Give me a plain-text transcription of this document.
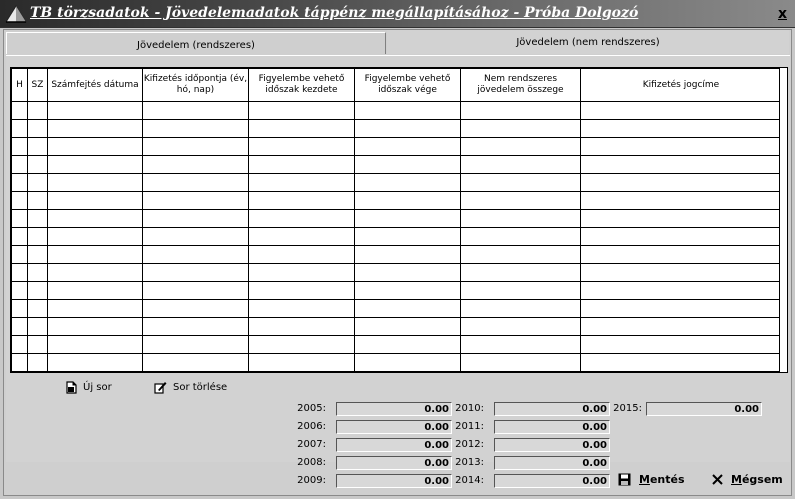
TB törzsadatok - Jövedelemadatok táppénz megállapításához - Próba Dolgozó	x
Jövedelem (rendszeres)	Jövedelem (nem rendszeres)
H	SZ	Számfejtés dátuma	Kifizetés időpontja (év, hó, nap)	Figyelembe vehető időszak kezdete	Figyelembe vehető időszak vége	Nem rendszeres jövedelem összege	Kifizetés jogcíme

Új sor	Sor törlése
2005:	0.00
2006:	0.00
2007:	0.00
2008:	0.00
2009:	0.00
2010:	0.00
2011:	0.00
2012:	0.00
2013:	0.00
2014:	0.00
2015:	0.00
Mentés	Mégsem
